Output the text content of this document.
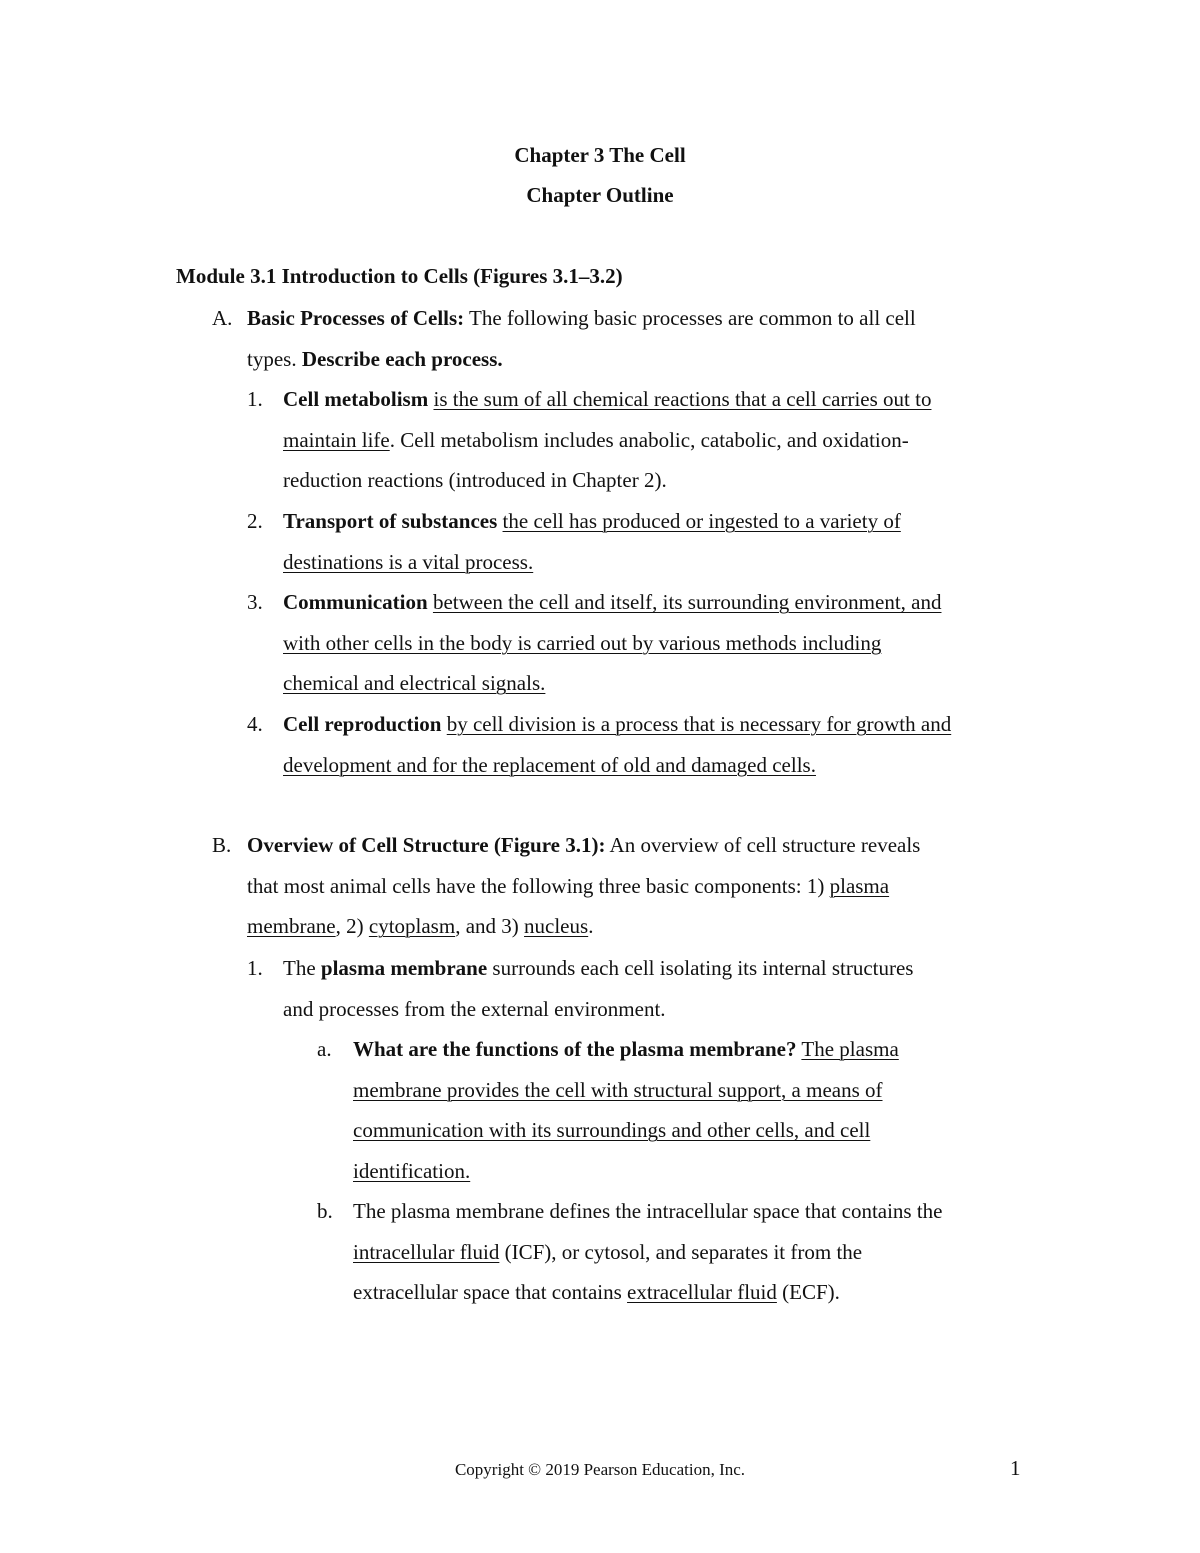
Chapter 3 The Cell
Chapter Outline
Module 3.1 Introduction to Cells (Figures 3.1–3.2)
A. Basic Processes of Cells: The following basic processes are common to all cell types. Describe each process.
1. Cell metabolism is the sum of all chemical reactions that a cell carries out to maintain life. Cell metabolism includes anabolic, catabolic, and oxidation-reduction reactions (introduced in Chapter 2).
2. Transport of substances the cell has produced or ingested to a variety of destinations is a vital process.
3. Communication between the cell and itself, its surrounding environment, and with other cells in the body is carried out by various methods including chemical and electrical signals.
4. Cell reproduction by cell division is a process that is necessary for growth and development and for the replacement of old and damaged cells.
B. Overview of Cell Structure (Figure 3.1): An overview of cell structure reveals that most animal cells have the following three basic components: 1) plasma membrane, 2) cytoplasm, and 3) nucleus.
1. The plasma membrane surrounds each cell isolating its internal structures and processes from the external environment.
a. What are the functions of the plasma membrane? The plasma membrane provides the cell with structural support, a means of communication with its surroundings and other cells, and cell identification.
b. The plasma membrane defines the intracellular space that contains the intracellular fluid (ICF), or cytosol, and separates it from the extracellular space that contains extracellular fluid (ECF).
Copyright © 2019 Pearson Education, Inc.	1
